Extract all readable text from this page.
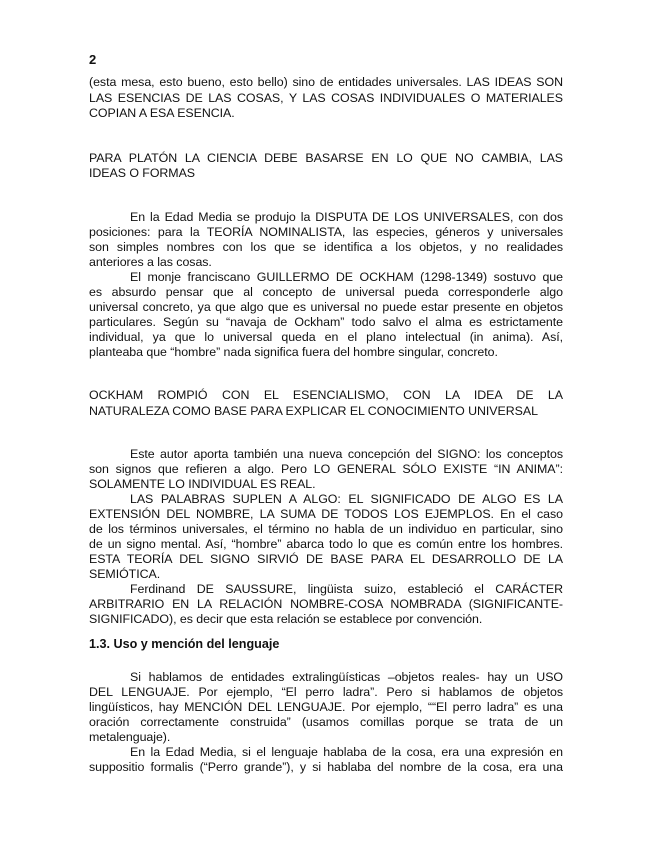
2

(esta mesa, esto bueno, esto bello) sino de entidades universales. LAS IDEAS SON

LAS ESENCIAS DE LAS COSAS, Y LAS COSAS INDIVIDUALES O MATERIALES

COPIAN A ESA ESENCIA.

PARA PLATÓN LA CIENCIA DEBE BASARSE EN LO QUE NO CAMBIA, LAS

IDEAS O FORMAS

En la Edad Media se produjo la DISPUTA DE LOS UNIVERSALES, con dos

posiciones: para la TEORÍA NOMINALISTA, las especies, géneros y universales

son simples nombres con los que se identifica a los objetos, y no realidades

anteriores a las cosas.

El monje franciscano GUILLERMO DE OCKHAM (1298-1349) sostuvo que

es absurdo pensar que al concepto de universal pueda corresponderle algo

universal concreto, ya que algo que es universal no puede estar presente en objetos

particulares. Según su “navaja de Ockham” todo salvo el alma es estrictamente

individual, ya que lo universal queda en el plano intelectual (in anima). Así,

planteaba que “hombre” nada significa fuera del hombre singular, concreto.

OCKHAM ROMPIÓ CON EL ESENCIALISMO, CON LA IDEA DE LA

NATURALEZA COMO BASE PARA EXPLICAR EL CONOCIMIENTO UNIVERSAL

Este autor aporta también una nueva concepción del SIGNO: los conceptos

son signos que refieren a algo. Pero LO GENERAL SÓLO EXISTE “IN ANIMA”:

SOLAMENTE LO INDIVIDUAL ES REAL.

LAS PALABRAS SUPLEN A ALGO: EL SIGNIFICADO DE ALGO ES LA

EXTENSIÓN DEL NOMBRE, LA SUMA DE TODOS LOS EJEMPLOS. En el caso

de los términos universales, el término no habla de un individuo en particular, sino

de un signo mental. Así, “hombre” abarca todo lo que es común entre los hombres.

ESTA TEORÍA DEL SIGNO SIRVIÓ DE BASE PARA EL DESARROLLO DE LA

SEMIÓTICA.

Ferdinand DE SAUSSURE, lingüista suizo, estableció el CARÁCTER

ARBITRARIO EN LA RELACIÓN NOMBRE-COSA NOMBRADA (SIGNIFICANTE-

SIGNIFICADO), es decir que esta relación se establece por convención.

1.3. Uso y mención del lenguaje

Si hablamos de entidades extralingüísticas –objetos reales- hay un USO

DEL LENGUAJE. Por ejemplo, “El perro ladra”. Pero si hablamos de objetos

lingüísticos, hay MENCIÓN DEL LENGUAJE. Por ejemplo, ““El perro ladra” es una

oración correctamente construida” (usamos comillas porque se trata de un

metalenguaje).

En la Edad Media, si el lenguaje hablaba de la cosa, era una expresión en

suppositio formalis (“Perro grande”), y si hablaba del nombre de la cosa, era una
